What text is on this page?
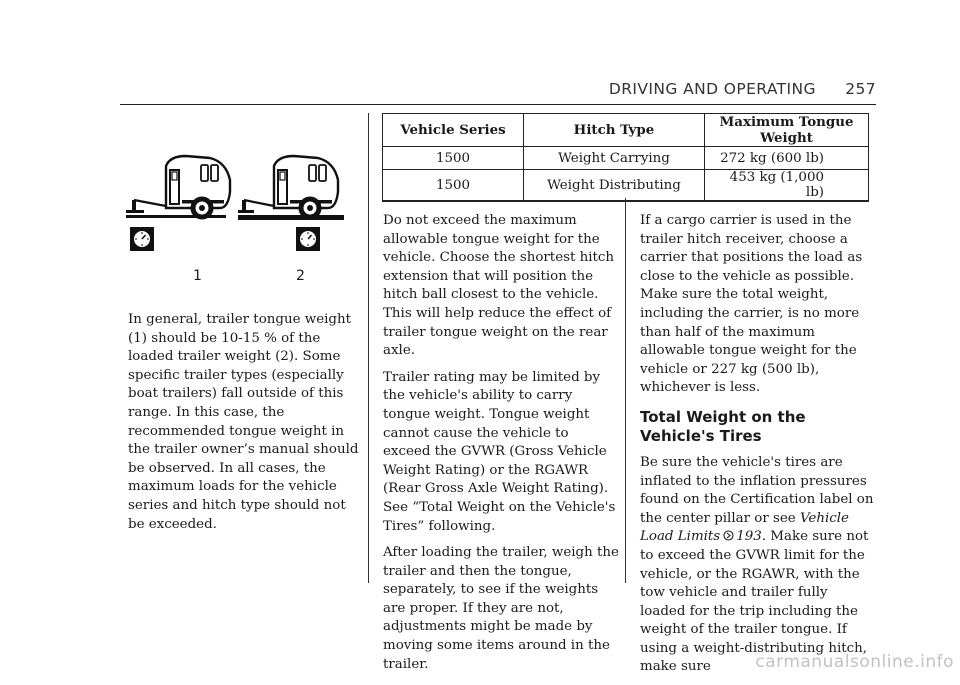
DRIVING AND OPERATING 257
1	2

In general, trailer tongue weight (1) should be 10-15 % of the loaded trailer weight (2). Some specific trailer types (especially boat trailers) fall outside of this range. In this case, the recommended tongue weight in the trailer owner’s manual should be observed. In all cases, the maximum loads for the vehicle series and hitch type should not be exceeded.

Vehicle Series	Hitch Type	Maximum Tongue Weight
1500	Weight Carrying	272 kg (600 lb)
1500	Weight Distributing	453 kg (1,000 lb)

Do not exceed the maximum allowable tongue weight for the vehicle. Choose the shortest hitch extension that will position the hitch ball closest to the vehicle. This will help reduce the effect of trailer tongue weight on the rear axle.

Trailer rating may be limited by the vehicle's ability to carry tongue weight. Tongue weight cannot cause the vehicle to exceed the GVWR (Gross Vehicle Weight Rating) or the RGAWR (Rear Gross Axle Weight Rating). See “Total Weight on the Vehicle's Tires” following.

After loading the trailer, weigh the trailer and then the tongue, separately, to see if the weights are proper. If they are not, adjustments might be made by moving some items around in the trailer.

If a cargo carrier is used in the trailer hitch receiver, choose a carrier that positions the load as close to the vehicle as possible. Make sure the total weight, including the carrier, is no more than half of the maximum allowable tongue weight for the vehicle or 227 kg (500 lb), whichever is less.

Total Weight on the Vehicle's Tires

Be sure the vehicle's tires are inflated to the inflation pressures found on the Certification label on the center pillar or see Vehicle Load Limits 193. Make sure not to exceed the GVWR limit for the vehicle, or the RGAWR, with the tow vehicle and trailer fully loaded for the trip including the weight of the trailer tongue. If using a weight-distributing hitch, make sure	carmanualsonline.info
